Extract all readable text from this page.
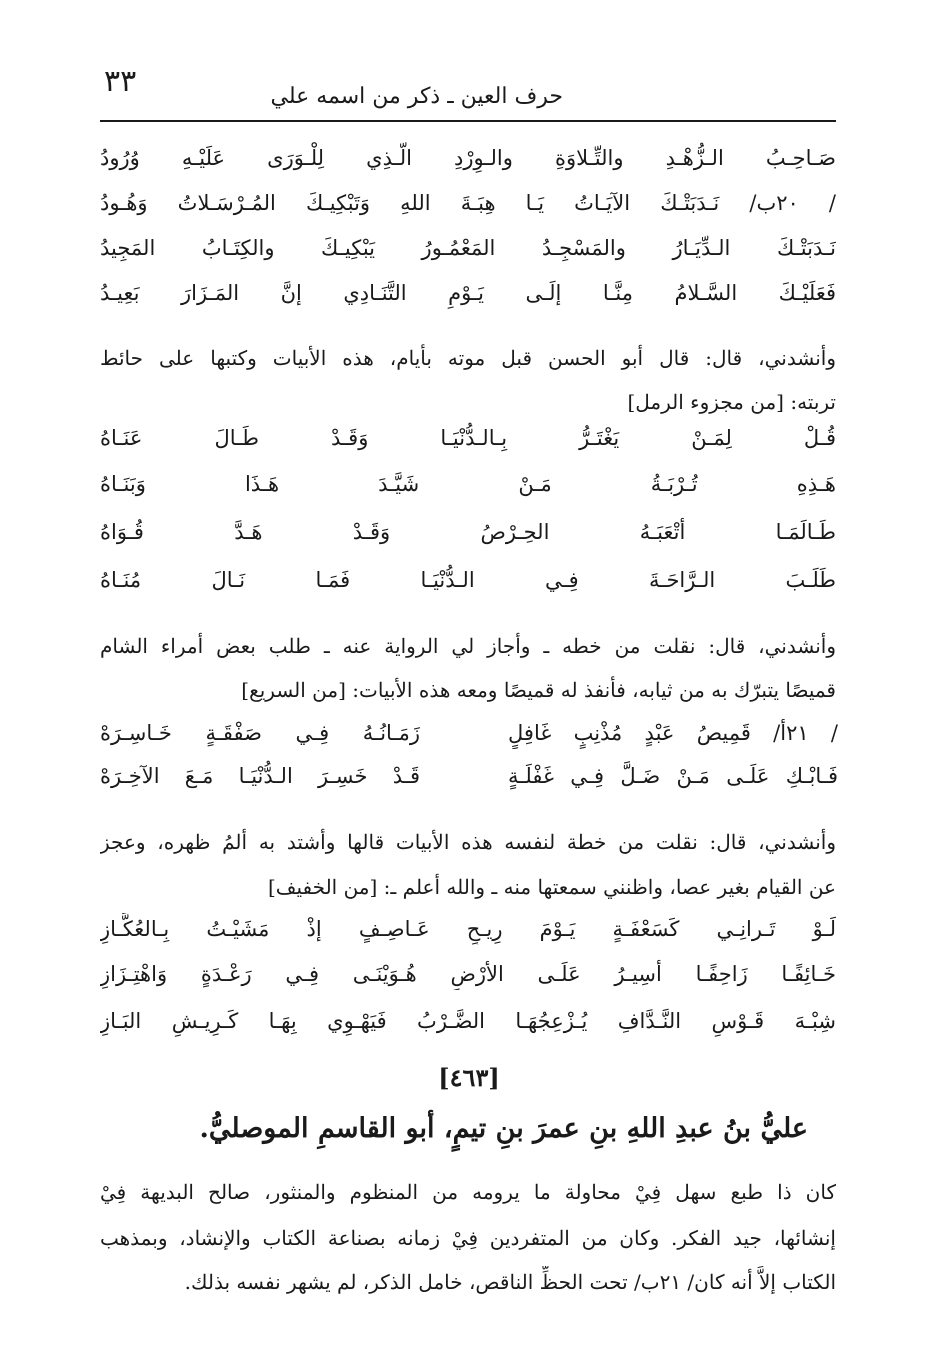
٣٣	حرف العين ـ ذكر من اسمه علي
صَـاحِـبُ الـزُّهْـدِ والتِّـلاوَةِ والـوِرْدِ الَّـذِي لِلْـوَرَى عَلَيْـهِ وُرُودُ
/ ٢٠ب/ نَـدَبَتْـكَ الآيَـاتُ يَـا هِبَـةَ اللهِ وَتَبْكِيـكَ المُـرْسَـلاتُ وَهُـودُ
نَـدَبَتْـكَ الـدِّيَـارُ والمَسْجِـدُ المَعْمُـورُ يَبْكِيـكَ والكِتَـابُ المَجِيدُ
فَعَلَيْـكَ السَّـلامُ مِنَّـا إلَـى يَـوْمِ التَّنَـادِي إنَّ المَـزَارَ بَعِيـدُ
وأنشدني، قال: قال أبو الحسن قبل موته بأيام، هذه الأبيات وكتبها على حائط
تربته: [من مجزوء الرمل]
قُـلْ لِمَـنْ يَغْتَـرُّ بِـالـدُّنْيَـا وَقَـدْ طَـالَ عَنَـاهُ
هَـذِهِ تُـرْبَـةُ مَـنْ شَيَّـدَ هَـذَا وَبَنَـاهُ
طَـالَمَـا أتْعَبَـهُ الحِـرْصُ وَقَـدْ هَـدَّ قُـوَاهُ
طَلَـبَ الـرَّاحَـةَ فِـي الـدُّنْيَـا فَمَـا نَـالَ مُنَـاهُ
وأنشدني، قال: نقلت من خطه ـ وأجاز لي الرواية عنه ـ طلب بعض أمراء الشام
قميصًا يتبرّك به من ثيابه، فأنفذ له قميصًا ومعه هذه الأبيات: [من السريع]
/ ٢١أ/ قَمِيصُ عَبْدٍ مُذْنِبٍ غَافِلٍ
زَمَـانُـهُ فِـي صَفْقَـةٍ خَـاسِـرَهْ
فَـابْـكِ عَلَـى مَـنْ ضَـلَّ فِـي غَفْلَـةٍ
قَـدْ خَسِـرَ الـدُّنْيَـا مَـعَ الآخِـرَهْ
وأنشدني، قال: نقلت من خطة لنفسه هذه الأبيات قالها وأشتد به ألمُ ظهره، وعجز
عن القيام بغير عصا، واظنني سمعتها منه ـ والله أعلم ـ: [من الخفيف]
لَـوْ تَـرانِـي كَسَعْفَـةٍ يَـوْمَ رِيـحٍ عَـاصِـفٍ إذْ مَشَيْـتُ بِـالعُكَّـازِ
خَـائِفًـا زَاحِفًـا أسِيـرُ عَلَـى الأرْضِ هُـوَيْنَـى فِـي رَعْـدَةٍ وَاهْتِـزَازِ
شِبْـهَ قَـوْسِ النَّـدَّافِ يُـزْعِجُهَـا الضَّـرْبُ فَيَهْـوِي بِهَـا كَـرِيـشِ البَـازِ
[٤٦٣]
عليُّ بنُ عبدِ اللهِ بنِ عمرَ بنِ تيمٍ، أبو القاسمِ الموصليُّ.
كان ذا طبع سهل فِيْ محاولة ما يرومه من المنظوم والمنثور، صالح البديهة فِيْ
إنشائها، جيد الفكر. وكان من المتفردين فِيْ زمانه بصناعة الكتاب والإنشاد، وبمذهب
الكتاب إلاَّ أنه كان/ ٢١ب/ تحت الحظِّ الناقص، خامل الذكر، لم يشهر نفسه بذلك.
